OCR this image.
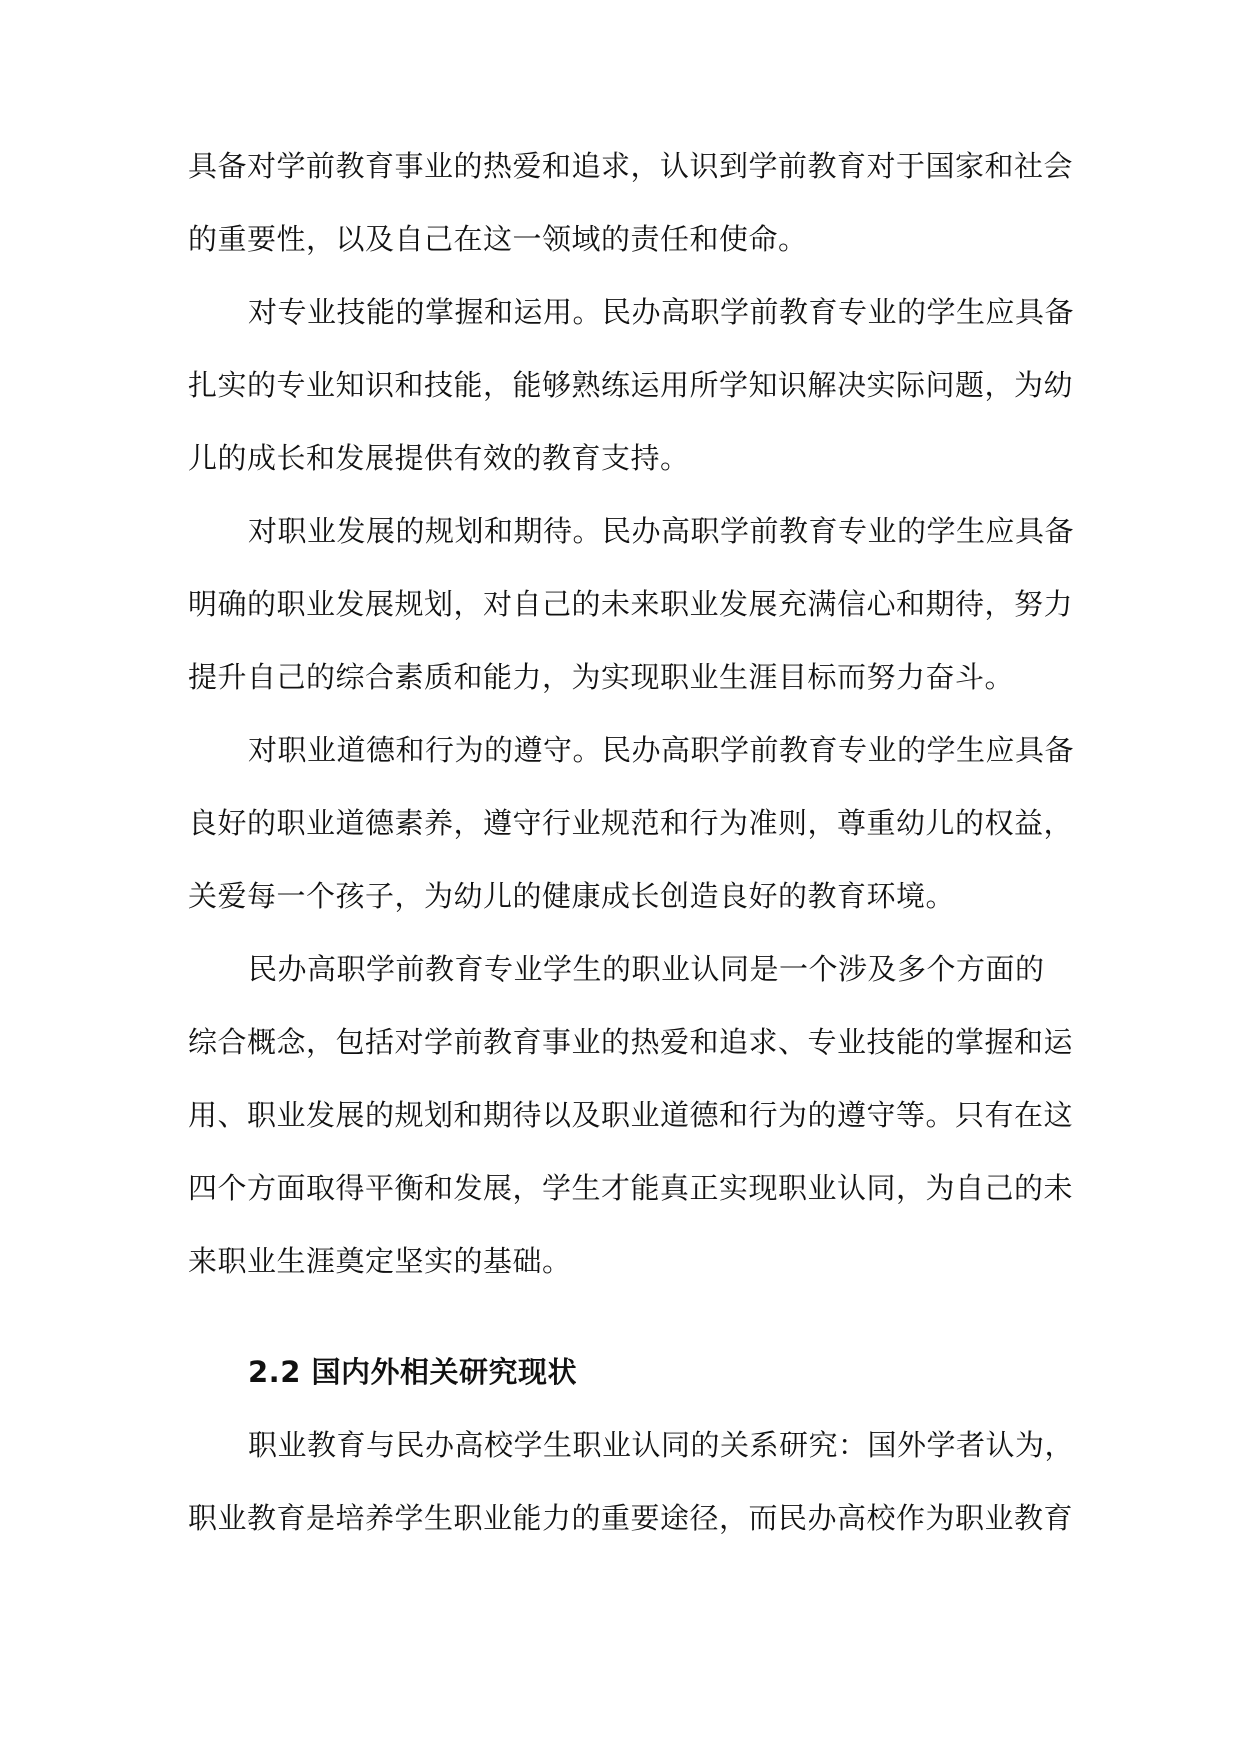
具备对学前教育事业的热爱和追求，认识到学前教育对于国家和社会
的重要性，以及自己在这一领域的责任和使命。
对专业技能的掌握和运用。民办高职学前教育专业的学生应具备
扎实的专业知识和技能，能够熟练运用所学知识解决实际问题，为幼
儿的成长和发展提供有效的教育支持。
对职业发展的规划和期待。民办高职学前教育专业的学生应具备
明确的职业发展规划，对自己的未来职业发展充满信心和期待，努力
提升自己的综合素质和能力，为实现职业生涯目标而努力奋斗。
对职业道德和行为的遵守。民办高职学前教育专业的学生应具备
良好的职业道德素养，遵守行业规范和行为准则，尊重幼儿的权益，
关爱每一个孩子，为幼儿的健康成长创造良好的教育环境。
民办高职学前教育专业学生的职业认同是一个涉及多个方面的
综合概念，包括对学前教育事业的热爱和追求、专业技能的掌握和运
用、职业发展的规划和期待以及职业道德和行为的遵守等。只有在这
四个方面取得平衡和发展，学生才能真正实现职业认同，为自己的未
来职业生涯奠定坚实的基础。
2.2 国内外相关研究现状
职业教育与民办高校学生职业认同的关系研究：国外学者认为，
职业教育是培养学生职业能力的重要途径，而民办高校作为职业教育
